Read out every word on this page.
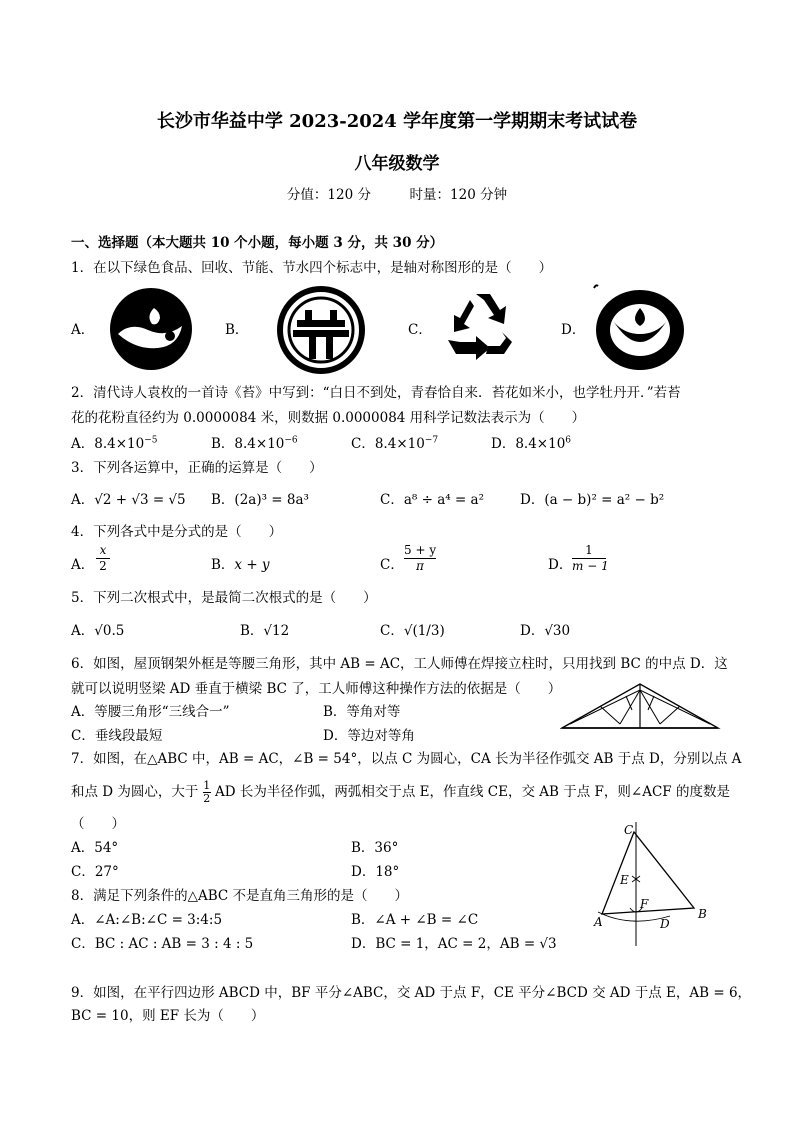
长沙市华益中学 2023-2024 学年度第一学期期末考试试卷
八年级数学
分值：120 分	时量：120 分钟
一、选择题（本大题共 10 个小题，每小题 3 分，共 30 分）
1．在以下绿色食品、回收、节能、节水四个标志中，是轴对称图形的是（　　）
A．	B．	C．	D．
2．清代诗人袁枚的一首诗《苔》中写到：“白日不到处，青春恰自来．苔花如米小，也学牡丹开．”若苔
花的花粉直径约为 0.0000084 米，则数据 0.0000084 用科学记数法表示为（　　）
A．$8.4\times 10^{-5}$	B．$8.4\times 10^{-6}$	C．$8.4\times 10^{-7}$	D．$8.4\times 10^6$
3．下列各运算中，正确的运算是（　　）
A．√2 + √3 = √5 B．(2a)³ = 8a³	C．a⁸ ÷ a⁴ = a²	D．(a − b)² = a² − b²
4．下列各式中是分式的是（　　）
A． $\frac{x}{2}$	B．x + y	C． $\frac{5 + y}{\pi}$	D． $\frac{1}{m - 1}$
5．下列二次根式中，是最简二次根式的是（　　）
A．√0.5	B．√12	C．√(1/3)	D．√30
6．如图，屋顶钢架外框是等腰三角形，其中 AB = AC，工人师傅在焊接立柱时，只用找到 BC 的中点 D．这
就可以说明竖梁 AD 垂直于横梁 BC 了，工人师傅这种操作方法的依据是（　　）
A．等腰三角形“三线合一”	B．等角对等
C．垂线段最短	D．等边对等角
7．如图，在△ABC 中，AB = AC，∠B = 54°，以点 C 为圆心，CA 长为半径作弧交 AB 于点 D，分别以点 A
和点 D 为圆心，大于 $\frac{1}{2}$ AD 长为半径作弧，两弧相交于点 E，作直线 CE，交 AB 于点 F，则∠ACF 的度数是
（　　）
A．54°	B．36°
C．27°	D．18°
C
E
F
A	D
B
8．满足下列条件的△ABC 不是直角三角形的是（　　）
A．∠A:∠B:∠C = 3:4:5	B．∠A + ∠B = ∠C
C．BC : AC : AB = 3 : 4 : 5	D．BC = 1，AC = 2，AB = √3
9．如图，在平行四边形 ABCD 中，BF 平分∠ABC，交 AD 于点 F，CE 平分∠BCD 交 AD 于点 E，AB = 6，
BC = 10，则 EF 长为（　　）
